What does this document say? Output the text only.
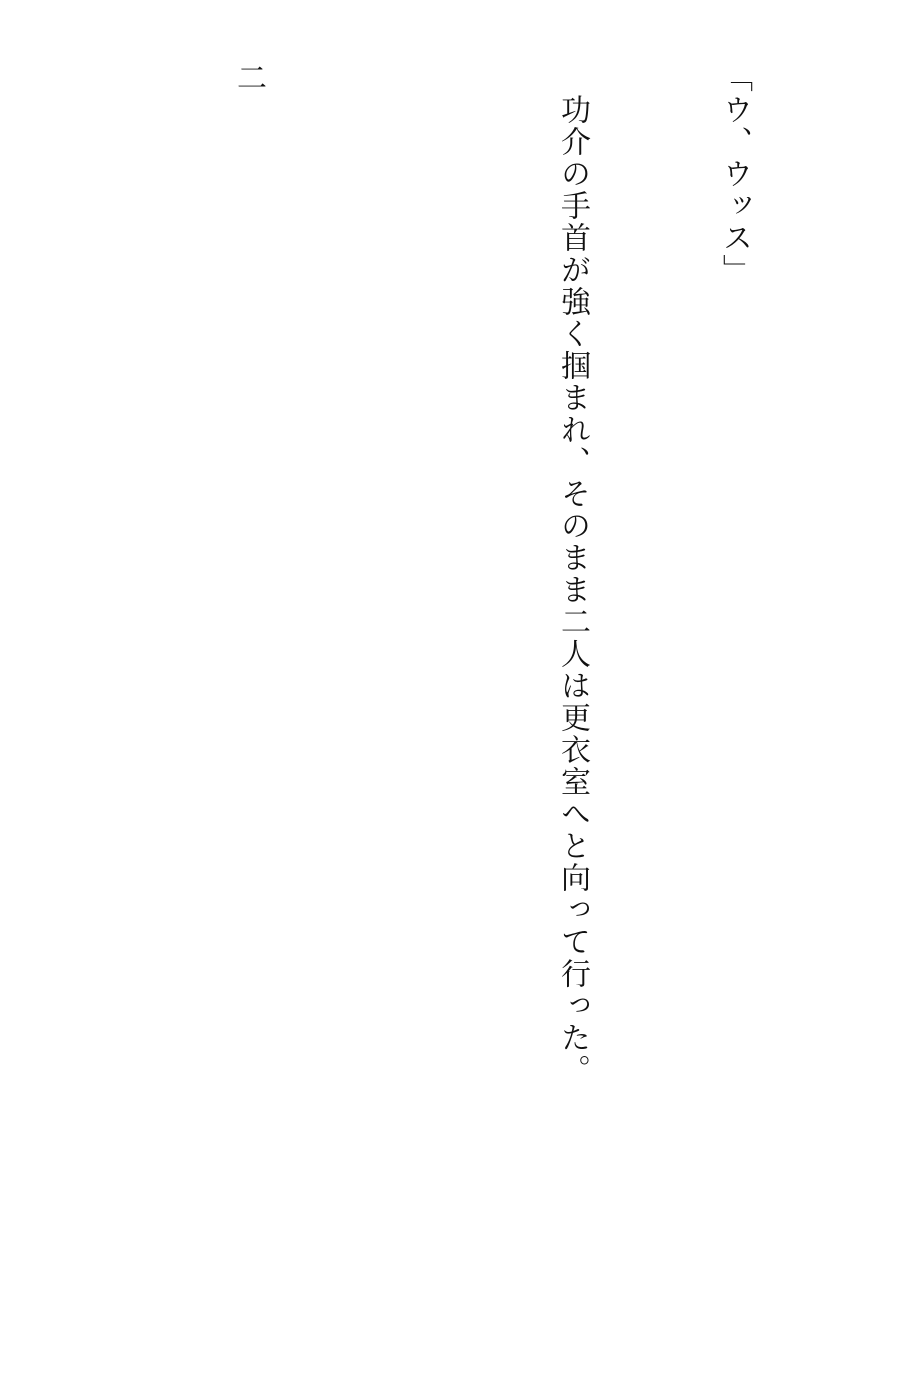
「ウ、ウッス」

　功介の手首が強く掴まれ、そのまま二人は更衣室へと向って行った。

二
